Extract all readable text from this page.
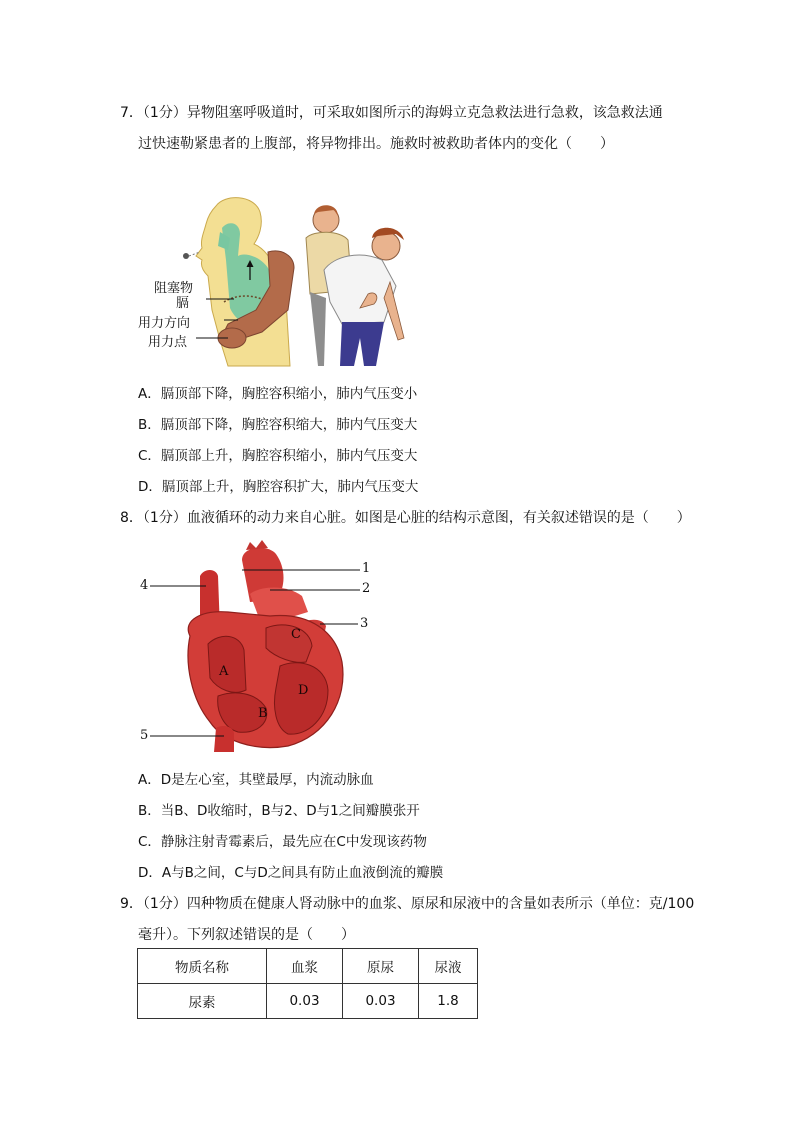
7．（1分）异物阻塞呼吸道时，可采取如图所示的海姆立克急救法进行急救，该急救法通
过快速勒紧患者的上腹部，将异物排出。施救时被救助者体内的变化（　　）
阻塞物
膈
用力方向
用力点
A．膈顶部下降，胸腔容积缩小，肺内气压变小
B．膈顶部下降，胸腔容积缩大，肺内气压变大
C．膈顶部上升，胸腔容积缩小，肺内气压变大
D．膈顶部上升，胸腔容积扩大，肺内气压变大
8．（1分）血液循环的动力来自心脏。如图是心脏的结构示意图，有关叙述错误的是（　　）
1
2
3
4
5
A
B
C
D
A．D是左心室，其壁最厚，内流动脉血
B．当B、D收缩时，B与2、D与1之间瓣膜张开
C．静脉注射青霉素后，最先应在C中发现该药物
D．A与B之间，C与D之间具有防止血液倒流的瓣膜
9．（1分）四种物质在健康人肾动脉中的血浆、原尿和尿液中的含量如表所示（单位：克/100
毫升）。下列叙述错误的是（　　）
物质名称	血浆	原尿	尿液
尿素	0.03	0.03	1.8
